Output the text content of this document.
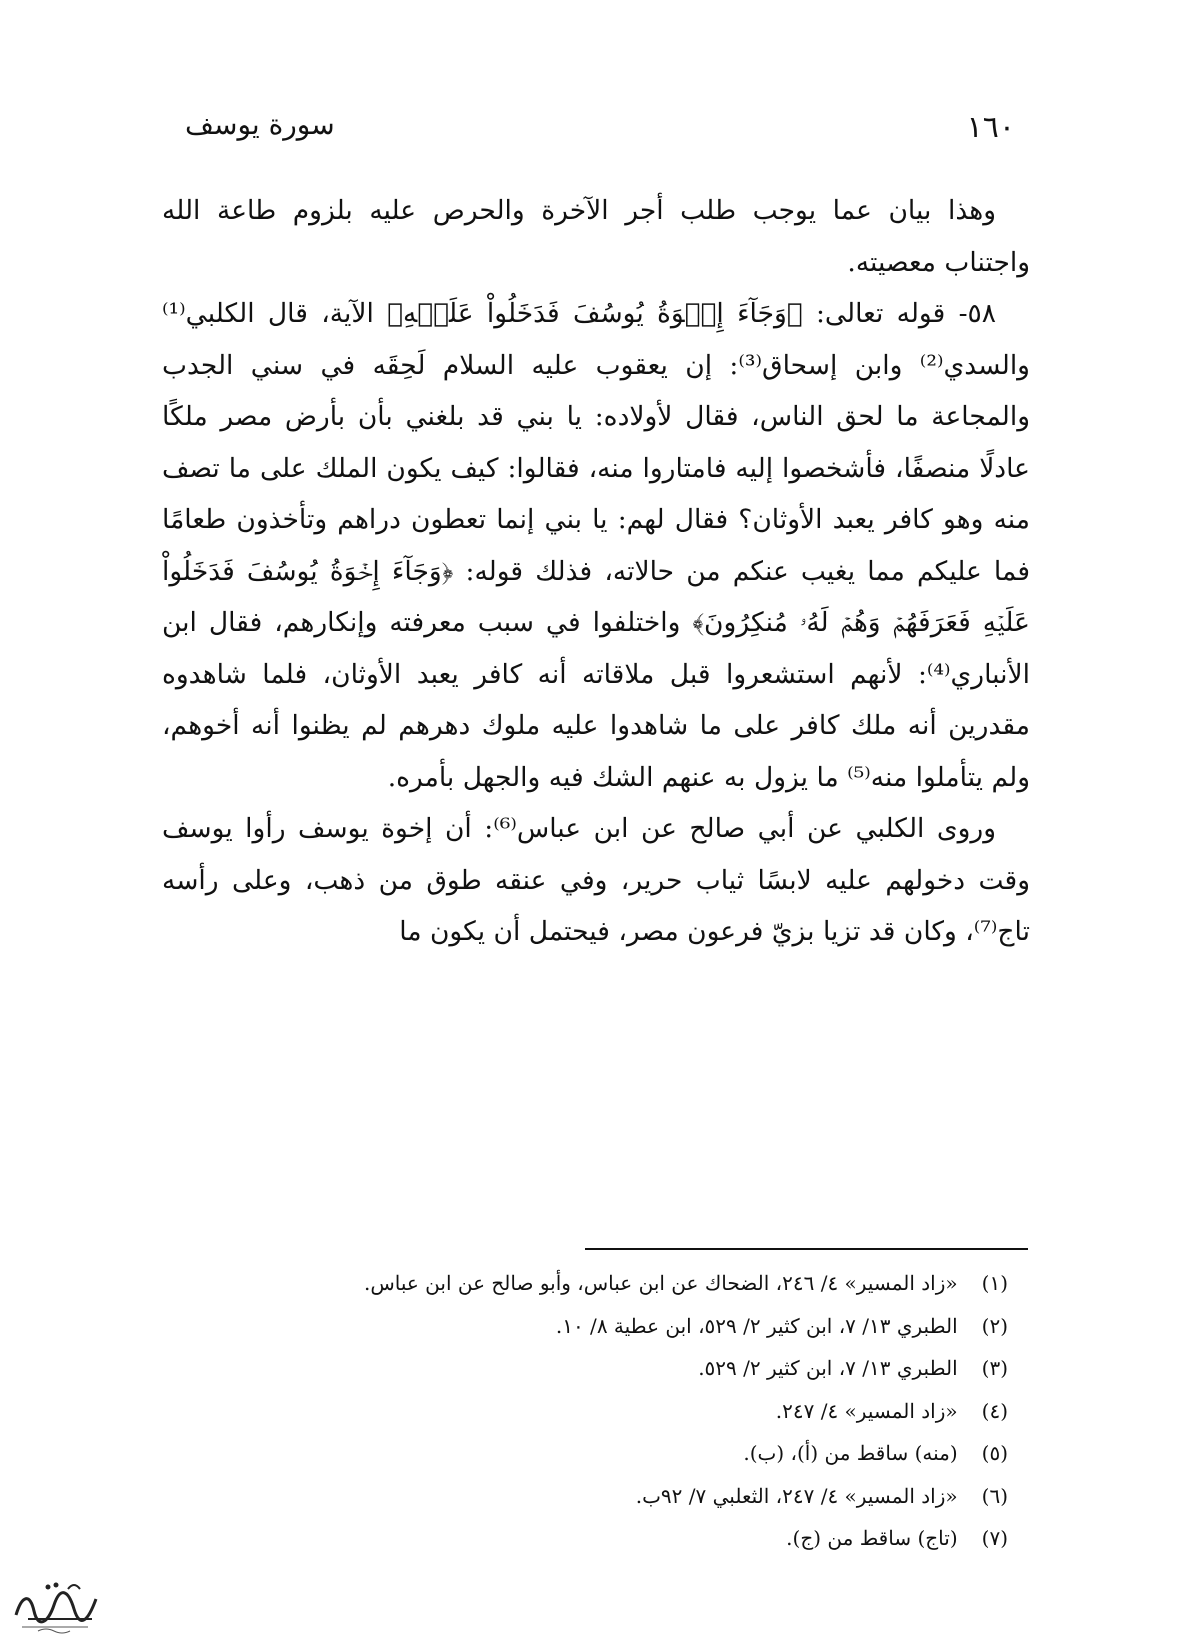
١٦٠
سورة يوسف

وهذا بيان عما يوجب طلب أجر الآخرة والحرص عليه بلزوم طاعة الله واجتناب معصيته.

٥٨- قوله تعالى: ﴿وَجَآءَ إِخۡوَةُ يُوسُفَ فَدَخَلُواْ عَلَيۡهِ﴾ الآية، قال الكلبي⁽¹⁾ والسدي⁽²⁾ وابن إسحاق⁽³⁾: إن يعقوب عليه السلام لَحِقَه في سني الجدب والمجاعة ما لحق الناس، فقال لأولاده: يا بني قد بلغني بأن بأرض مصر ملكًا عادلًا منصفًا، فأشخصوا إليه فامتاروا منه، فقالوا: كيف يكون الملك على ما تصف منه وهو كافر يعبد الأوثان؟ فقال لهم: يا بني إنما تعطون دراهم وتأخذون طعامًا فما عليكم مما يغيب عنكم من حالاته، فذلك قوله: ﴿وَجَآءَ إِخۡوَةُ يُوسُفَ فَدَخَلُواْ عَلَيۡهِ فَعَرَفَهُمۡ وَهُمۡ لَهُۥ مُنكِرُونَ﴾ واختلفوا في سبب معرفته وإنكارهم، فقال ابن الأنباري⁽⁴⁾: لأنهم استشعروا قبل ملاقاته أنه كافر يعبد الأوثان، فلما شاهدوه مقدرين أنه ملك كافر على ما شاهدوا عليه ملوك دهرهم لم يظنوا أنه أخوهم، ولم يتأملوا منه⁽⁵⁾ ما يزول به عنهم الشك فيه والجهل بأمره.

وروى الكلبي عن أبي صالح عن ابن عباس⁽⁶⁾: أن إخوة يوسف رأوا يوسف وقت دخولهم عليه لابسًا ثياب حرير، وفي عنقه طوق من ذهب، وعلى رأسه تاج⁽⁷⁾، وكان قد تزيا بزيّ فرعون مصر، فيحتمل أن يكون ما

(١) «زاد المسير» ٤/ ٢٤٦، الضحاك عن ابن عباس، وأبو صالح عن ابن عباس.
(٢) الطبري ١٣/ ٧، ابن كثير ٢/ ٥٢٩، ابن عطية ٨/ ١٠.
(٣) الطبري ١٣/ ٧، ابن كثير ٢/ ٥٢٩.
(٤) «زاد المسير» ٤/ ٢٤٧.
(٥) (منه) ساقط من (أ)، (ب).
(٦) «زاد المسير» ٤/ ٢٤٧، الثعلبي ٧/ ٩٢ب.
(٧) (تاج) ساقط من (ج).
